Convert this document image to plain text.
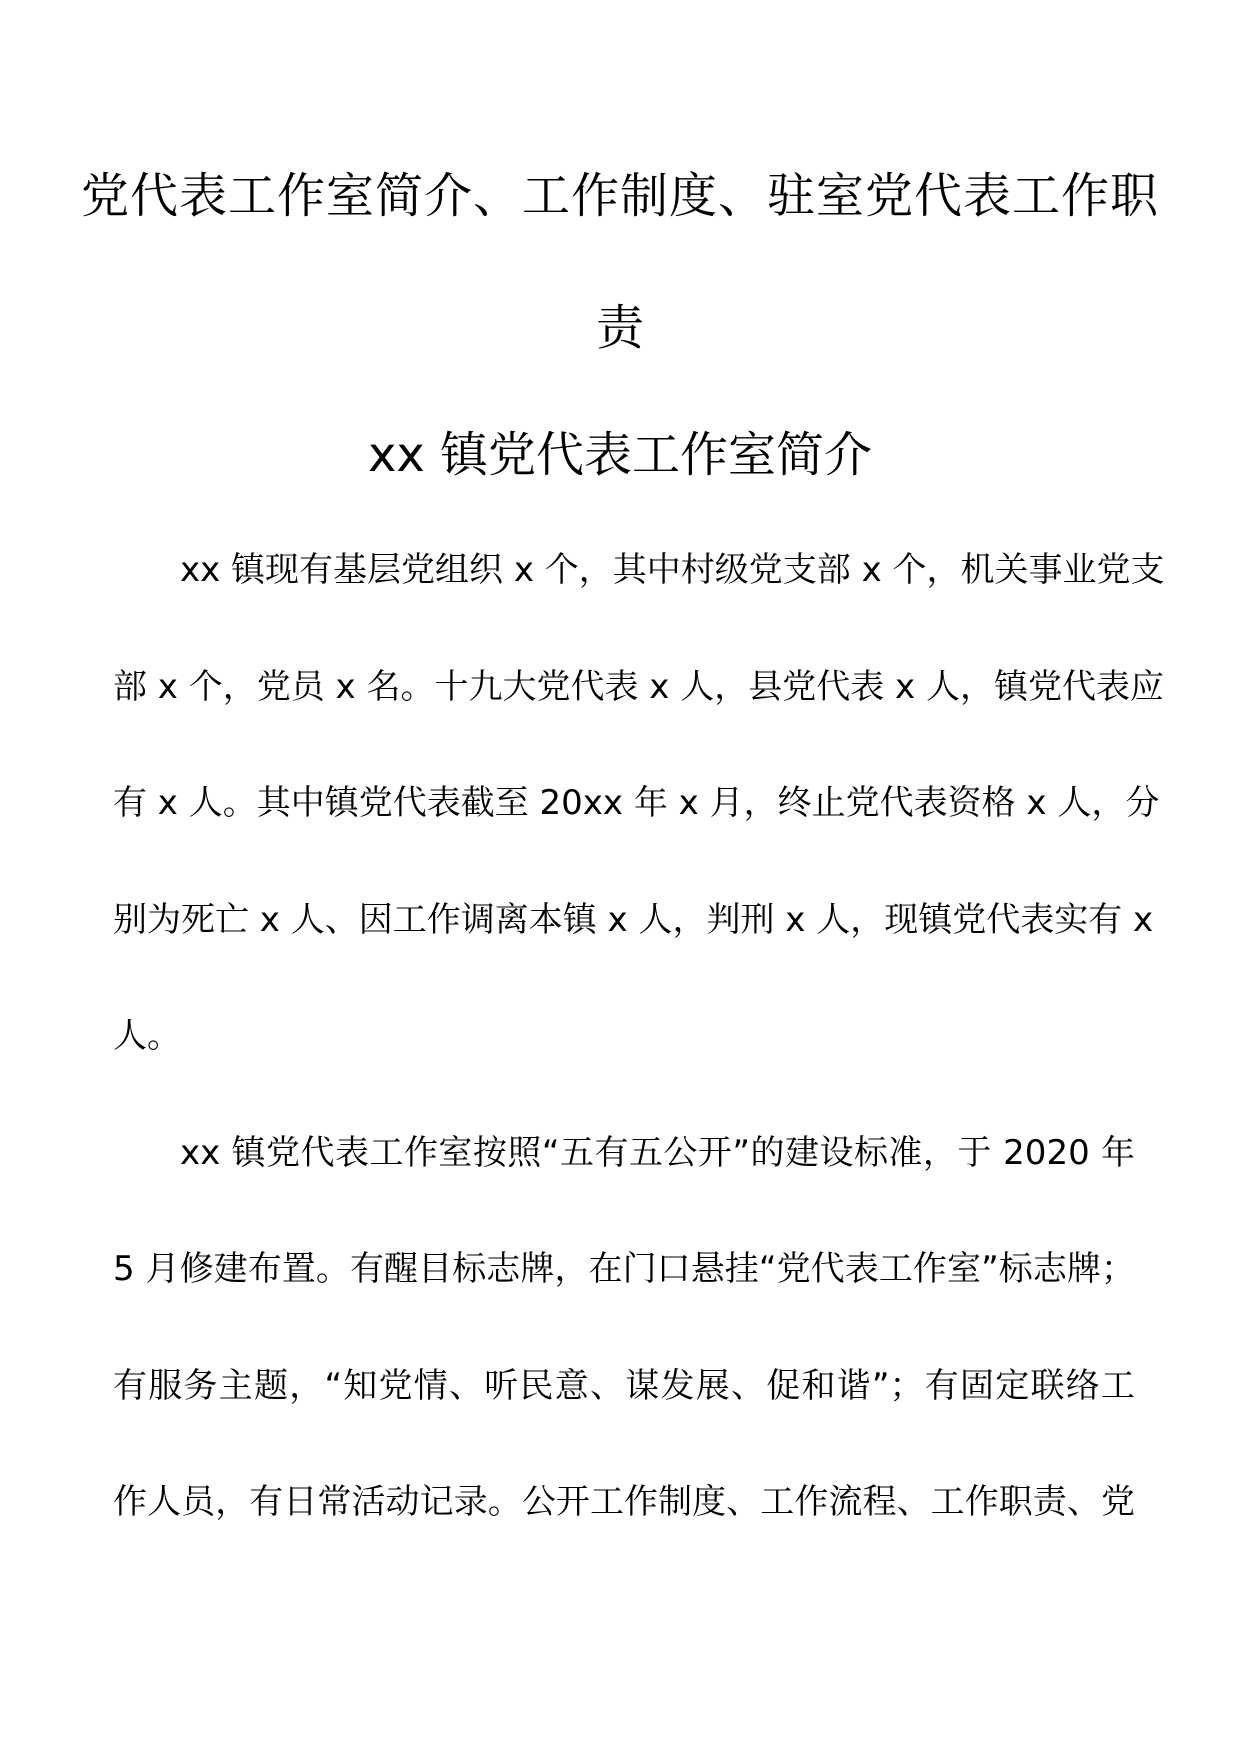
党代表工作室简介、工作制度、驻室党代表工作职
责
xx 镇党代表工作室简介
xx 镇现有基层党组织 x 个，其中村级党支部 x 个，机关事业党支
部 x 个，党员 x 名。十九大党代表 x 人，县党代表 x 人，镇党代表应
有 x 人。其中镇党代表截至 20xx 年 x 月，终止党代表资格 x 人，分
别为死亡 x 人、因工作调离本镇 x 人，判刑 x 人，现镇党代表实有 x
人。
xx 镇党代表工作室按照“五有五公开”的建设标准，于 2020 年
5 月修建布置。有醒目标志牌，在门口悬挂“党代表工作室”标志牌；
有服务主题，“知党情、听民意、谋发展、促和谐”；有固定联络工
作人员，有日常活动记录。公开工作制度、工作流程、工作职责、党
